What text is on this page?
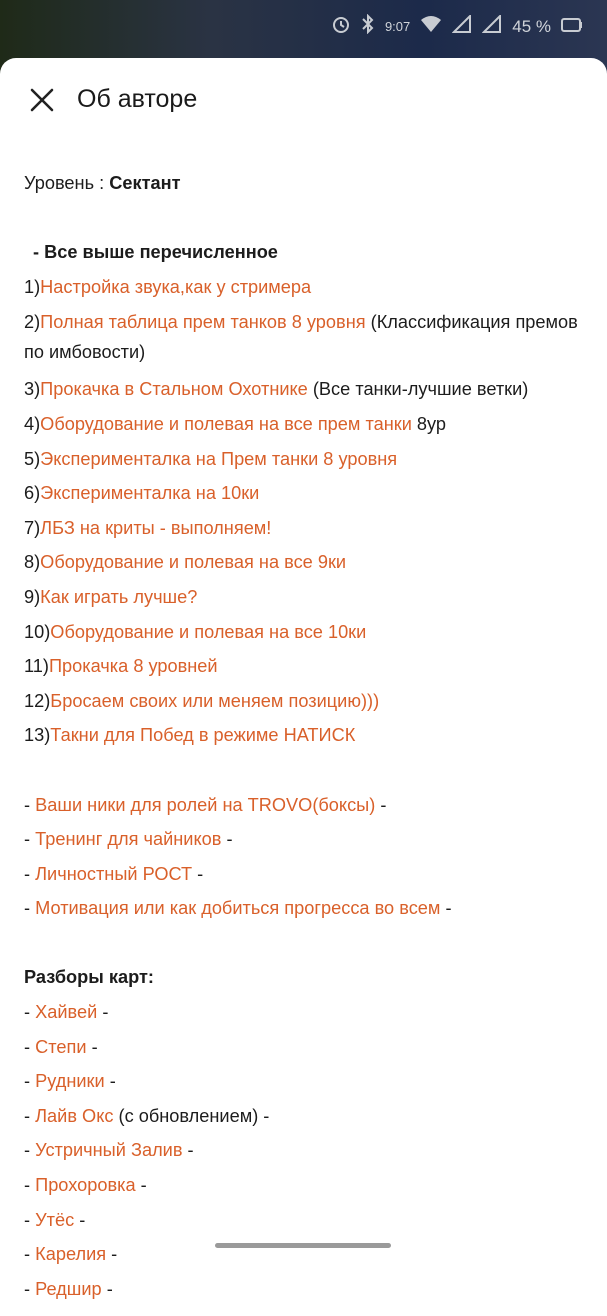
9:07	45 %
Об авторе
Уровень : Сектант
- Все выше перечисленное
1)Настройка звука,как у стримера
2)Полная таблица прем танков 8 уровня (Классификация премов по имбовости)
3)Прокачка в Стальном Охотнике (Все танки-лучшие ветки)
4)Оборудование и полевая на все прем танки 8ур
5)Эксперименталка на Прем танки 8 уровня
6)Эксперименталка на 10ки
7)ЛБЗ на криты - выполняем!
8)Оборудование и полевая на все 9ки
9)Как играть лучше?
10)Оборудование и полевая на все 10ки
11)Прокачка 8 уровней
12)Бросаем своих или меняем позицию)))
13)Такни для Побед в режиме НАТИСК
- Ваши ники для ролей на TROVO(боксы) -
- Тренинг для чайников -
- Личностный РОСТ -
- Мотивация или как добиться прогресса во всем -
Разборы карт:
- Хайвей -
- Степи -
- Рудники -
- Лайв Окс (с обновлением) -
- Устричный Залив -
- Прохоровка -
- Утёс -
- Карелия -
- Редшир -
